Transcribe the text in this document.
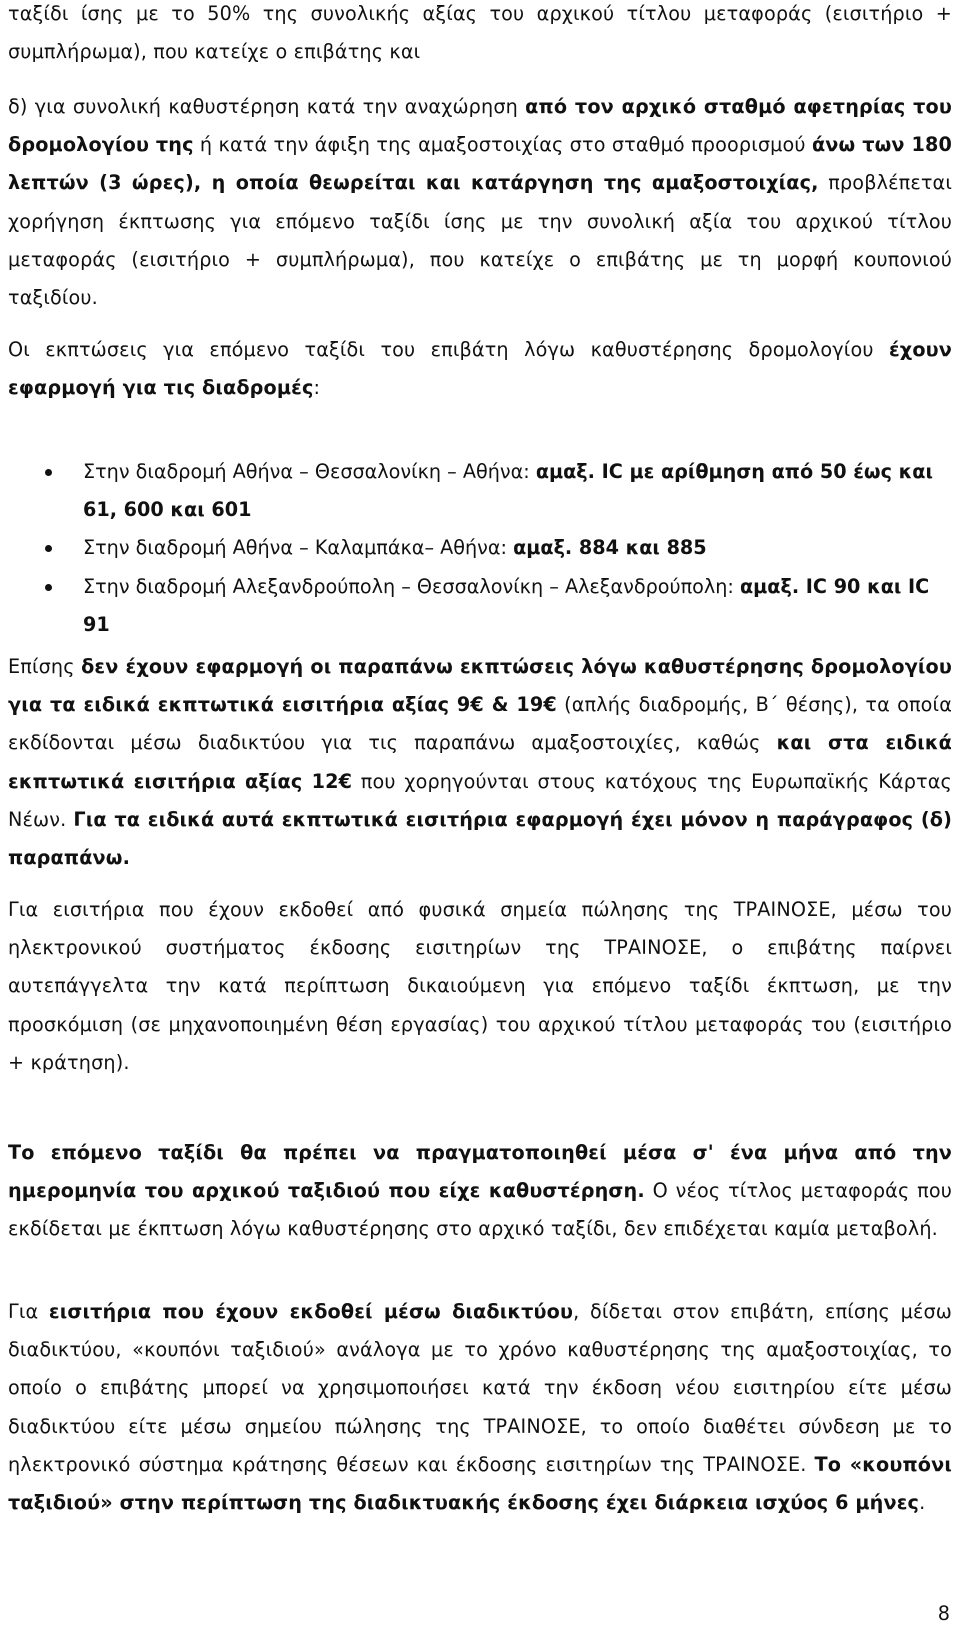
ταξίδι ίσης με το 50% της συνολικής αξίας του αρχικού τίτλου μεταφοράς (εισιτήριο + συμπλήρωμα), που κατείχε ο επιβάτης και

δ) για συνολική καθυστέρηση κατά την αναχώρηση από τον αρχικό σταθμό αφετηρίας του δρομολογίου της ή κατά την άφιξη της αμαξοστοιχίας στο σταθμό προορισμού άνω των 180 λεπτών (3 ώρες), η οποία θεωρείται και κατάργηση της αμαξοστοιχίας, προβλέπεται χορήγηση έκπτωσης για επόμενο ταξίδι ίσης με την συνολική αξία του αρχικού τίτλου μεταφοράς (εισιτήριο + συμπλήρωμα), που κατείχε ο επιβάτης με τη μορφή κουπονιού ταξιδίου.

Οι εκπτώσεις για επόμενο ταξίδι του επιβάτη λόγω καθυστέρησης δρομολογίου έχουν εφαρμογή για τις διαδρομές:

Στην διαδρομή Αθήνα – Θεσσαλονίκη – Αθήνα: αμαξ. IC με αρίθμηση από 50 έως και 61, 600 και 601
Στην διαδρομή Αθήνα – Καλαμπάκα– Αθήνα: αμαξ. 884 και 885
Στην διαδρομή Αλεξανδρούπολη – Θεσσαλονίκη – Αλεξανδρούπολη: αμαξ. IC 90 και IC 91

Επίσης δεν έχουν εφαρμογή οι παραπάνω εκπτώσεις λόγω καθυστέρησης δρομολογίου για τα ειδικά εκπτωτικά εισιτήρια αξίας 9€ & 19€ (απλής διαδρομής, Β΄ θέσης), τα οποία εκδίδονται μέσω διαδικτύου για τις παραπάνω αμαξοστοιχίες, καθώς και στα ειδικά εκπτωτικά εισιτήρια αξίας 12€ που χορηγούνται στους κατόχους της Ευρωπαϊκής Κάρτας Νέων. Για τα ειδικά αυτά εκπτωτικά εισιτήρια εφαρμογή έχει μόνον η παράγραφος (δ) παραπάνω.

Για εισιτήρια που έχουν εκδοθεί από φυσικά σημεία πώλησης της ΤΡΑΙΝΟΣΕ, μέσω του ηλεκτρονικού συστήματος έκδοσης εισιτηρίων της ΤΡΑΙΝΟΣΕ, ο επιβάτης παίρνει αυτεπάγγελτα την κατά περίπτωση δικαιούμενη για επόμενο ταξίδι έκπτωση, με την προσκόμιση (σε μηχανοποιημένη θέση εργασίας) του αρχικού τίτλου μεταφοράς του (εισιτήριο + κράτηση).

Το επόμενο ταξίδι θα πρέπει να πραγματοποιηθεί μέσα σ' ένα μήνα από την ημερομηνία του αρχικού ταξιδιού που είχε καθυστέρηση. Ο νέος τίτλος μεταφοράς που εκδίδεται με έκπτωση λόγω καθυστέρησης στο αρχικό ταξίδι, δεν επιδέχεται καμία μεταβολή.

Για εισιτήρια που έχουν εκδοθεί μέσω διαδικτύου, δίδεται στον επιβάτη, επίσης μέσω διαδικτύου, «κουπόνι ταξιδιού» ανάλογα με το χρόνο καθυστέρησης της αμαξοστοιχίας, το οποίο ο επιβάτης μπορεί να χρησιμοποιήσει κατά την έκδοση νέου εισιτηρίου είτε μέσω διαδικτύου είτε μέσω σημείου πώλησης της ΤΡΑΙΝΟΣΕ, το οποίο διαθέτει σύνδεση με το ηλεκτρονικό σύστημα κράτησης θέσεων και έκδοσης εισιτηρίων της ΤΡΑΙΝΟΣΕ. Το «κουπόνι ταξιδιού» στην περίπτωση της διαδικτυακής έκδοσης έχει διάρκεια ισχύος 6 μήνες.

8
